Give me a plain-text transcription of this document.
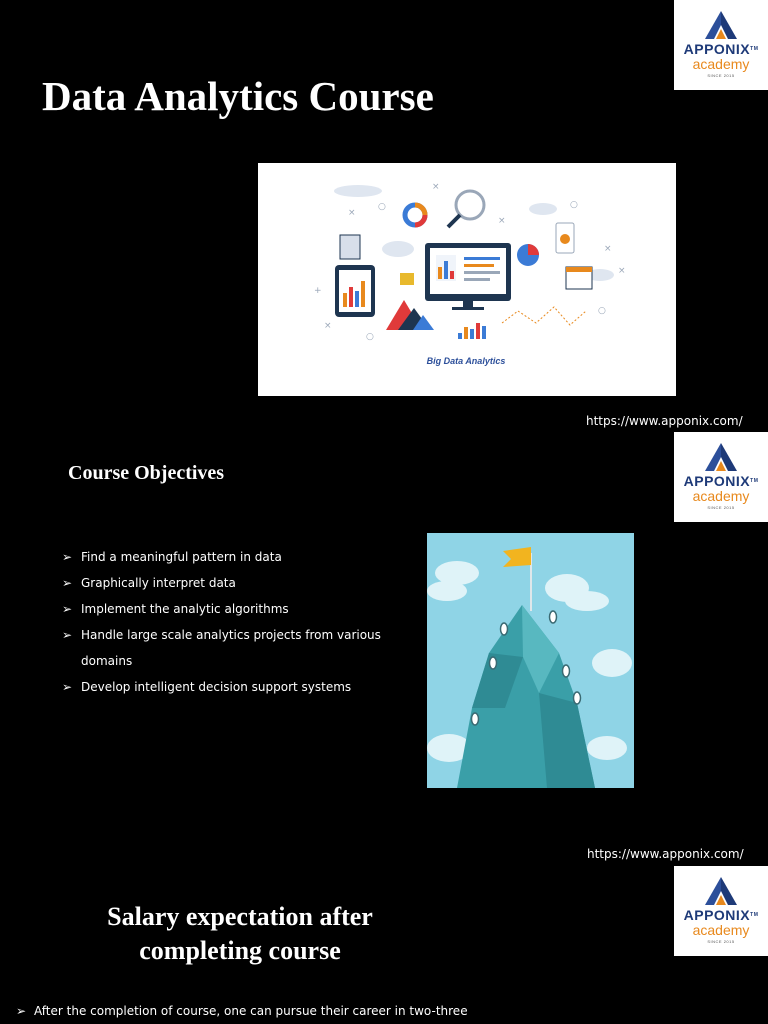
APPONIX™
academy
SINCE 2015
Data Analytics Course
×
×
×
×
×
+
×
○
○
○	○
Big Data Analytics
https://www.apponix.com/
APPONIX™
academy
SINCE 2015
Course Objectives
➢ Find a meaningful pattern in data
➢ Graphically interpret data
➢ Implement the analytic algorithms
➢ Handle large scale analytics projects from various domains
➢ Develop intelligent decision support systems
https://www.apponix.com/
APPONIX™
academy
SINCE 2015
Salary expectation after
completing course
➢ After the completion of course, one can pursue their career in two-three
